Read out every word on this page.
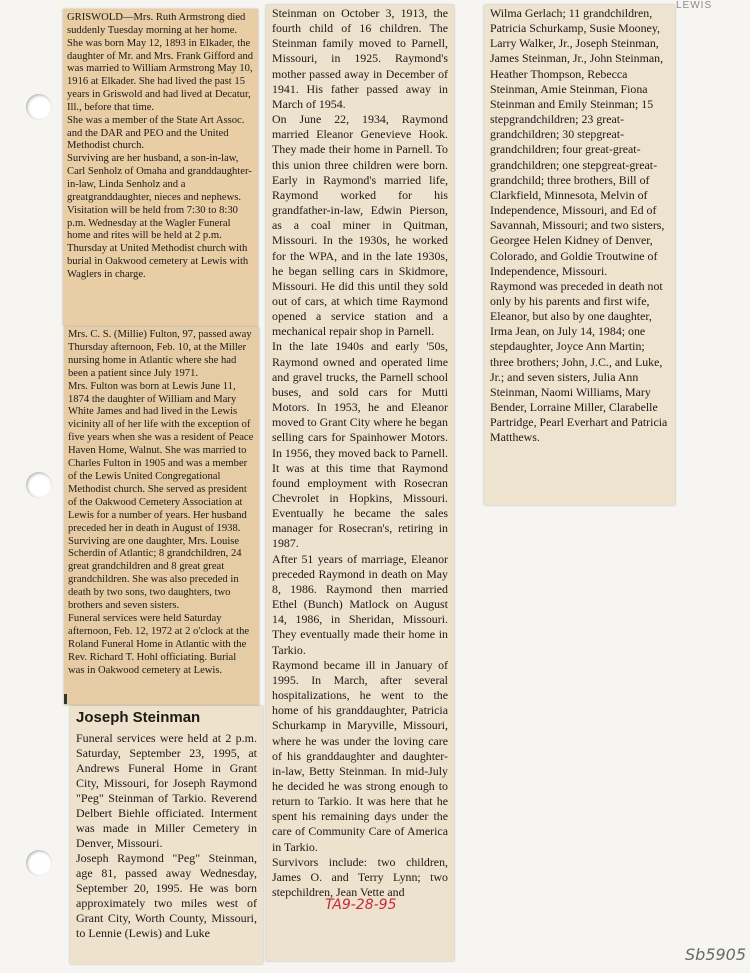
GRISWOLD—Mrs. Ruth Armstrong died suddenly Tuesday morning at her home.
She was born May 12, 1893 in Elkader, the daughter of Mr. and Mrs. Frank Gifford and was married to William Armstrong May 10, 1916 at Elkader. She had lived the past 15 years in Griswold and had lived at Decatur, Ill., before that time.
She was a member of the State Art Assoc. and the DAR and PEO and the United Methodist church.
Surviving are her husband, a son-in-law, Carl Senholz of Omaha and granddaughter-in-law, Linda Senholz and a greatgranddaughter, nieces and nephews.
Visitation will be held from 7:30 to 8:30 p.m. Wednesday at the Wagler Funeral home and rites will be held at 2 p.m. Thursday at United Methodist church with burial in Oakwood cemetery at Lewis with Waglers in charge.

Mrs. C. S. (Millie) Fulton, 97, passed away Thursday afternoon, Feb. 10, at the Miller nursing home in Atlantic where she had been a patient since July 1971.
Mrs. Fulton was born at Lewis June 11, 1874 the daughter of William and Mary White James and had lived in the Lewis vicinity all of her life with the exception of five years when she was a resident of Peace Haven Home, Walnut. She was married to Charles Fulton in 1905 and was a member of the Lewis United Congregational Methodist church. She served as president of the Oakwood Cemetery Association at Lewis for a number of years. Her husband preceded her in death in August of 1938.
Surviving are one daughter, Mrs. Louise Scherdin of Atlantic; 8 grandchildren, 24 great grandchildren and 8 great great grandchildren. She was also preceded in death by two sons, two daughters, two brothers and seven sisters.
Funeral services were held Saturday afternoon, Feb. 12, 1972 at 2 o'clock at the Roland Funeral Home in Atlantic with the Rev. Richard T. Hohl officiating. Burial was in Oakwood cemetery at Lewis.

Joseph Steinman

Funeral services were held at 2 p.m. Saturday, September 23, 1995, at Andrews Funeral Home in Grant City, Missouri, for Joseph Raymond "Peg" Steinman of Tarkio. Reverend Delbert Biehle officiated. Interment was made in Miller Cemetery in Denver, Missouri.
Joseph Raymond "Peg" Steinman, age 81, passed away Wednesday, September 20, 1995. He was born approximately two miles west of Grant City, Worth County, Missouri, to Lennie (Lewis) and Luke

Steinman on October 3, 1913, the fourth child of 16 children. The Steinman family moved to Parnell, Missouri, in 1925. Raymond's mother passed away in December of 1941. His father passed away in March of 1954.
On June 22, 1934, Raymond married Eleanor Genevieve Hook. They made their home in Parnell. To this union three children were born. Early in Raymond's married life, Raymond worked for his grandfather-in-law, Edwin Pierson, as a coal miner in Quitman, Missouri. In the 1930s, he worked for the WPA, and in the late 1930s, he began selling cars in Skidmore, Missouri. He did this until they sold out of cars, at which time Raymond opened a service station and a mechanical repair shop in Parnell.
In the late 1940s and early '50s, Raymond owned and operated lime and gravel trucks, the Parnell school buses, and sold cars for Mutti Motors. In 1953, he and Eleanor moved to Grant City where he began selling cars for Spainhower Motors. In 1956, they moved back to Parnell. It was at this time that Raymond found employment with Rosecran Chevrolet in Hopkins, Missouri. Eventually he became the sales manager for Rosecran's, retiring in 1987.
After 51 years of marriage, Eleanor preceded Raymond in death on May 8, 1986. Raymond then married Ethel (Bunch) Matlock on August 14, 1986, in Sheridan, Missouri. They eventually made their home in Tarkio.
Raymond became ill in January of 1995. In March, after several hospitalizations, he went to the home of his granddaughter, Patricia Schurkamp in Maryville, Missouri, where he was under the loving care of his granddaughter and daughter-in-law, Betty Steinman. In mid-July he decided he was strong enough to return to Tarkio. It was here that he spent his remaining days under the care of Community Care of America in Tarkio.
Survivors include: two children, James O. and Terry Lynn; two stepchildren, Jean Vette and

Wilma Gerlach; 11 grandchildren, Patricia Schurkamp, Susie Mooney, Larry Walker, Jr., Joseph Steinman, James Steinman, Jr., John Steinman, Heather Thompson, Rebecca Steinman, Amie Steinman, Fiona Steinman and Emily Steinman; 15 stepgrandchildren; 23 great-grandchildren; 30 stepgreat-grandchildren; four great-great-grandchildren; one stepgreat-great-grandchild; three brothers, Bill of Clarkfield, Minnesota, Melvin of Independence, Missouri, and Ed of Savannah, Missouri; and two sisters, Georgee Helen Kidney of Denver, Colorado, and Goldie Troutwine of Independence, Missouri.
Raymond was preceded in death not only by his parents and first wife, Eleanor, but also by one daughter, Irma Jean, on July 14, 1984; one stepdaughter, Joyce Ann Martin; three brothers; John, J.C., and Luke, Jr.; and seven sisters, Julia Ann Steinman, Naomi Williams, Mary Bender, Lorraine Miller, Clarabelle Partridge, Pearl Everhart and Patricia Matthews.

LEWIS
TA9-28-95
Sb5905
